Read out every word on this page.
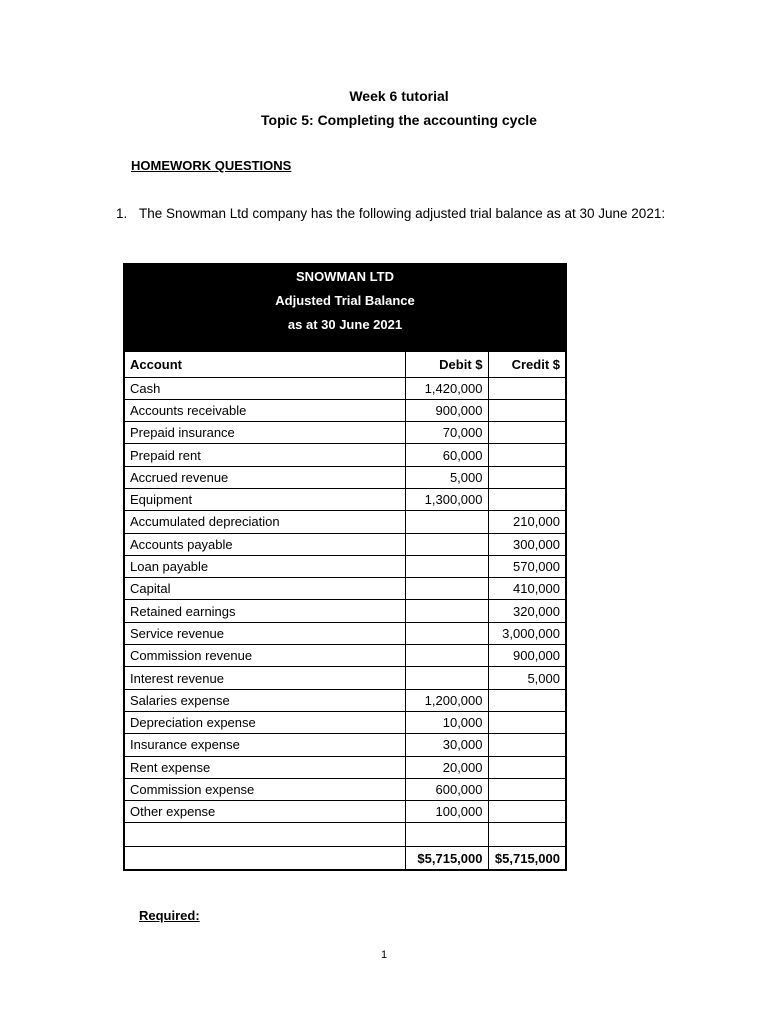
Week 6 tutorial
Topic 5: Completing the accounting cycle
HOMEWORK QUESTIONS
1. The Snowman Ltd company has the following adjusted trial balance as at 30 June 2021:
SNOWMAN LTD
Adjusted Trial Balance
as at 30 June 2021		

Account	Debit $	Credit $
Cash	1,420,000	
Accounts receivable	900,000	
Prepaid insurance	70,000	
Prepaid rent	60,000	
Accrued revenue	5,000	
Equipment	1,300,000	
Accumulated depreciation		210,000
Accounts payable		300,000
Loan payable		570,000
Capital		410,000
Retained earnings		320,000
Service revenue		3,000,000
Commission revenue		900,000
Interest revenue		5,000
Salaries expense	1,200,000	
Depreciation expense	10,000	
Insurance expense	30,000	
Rent expense	20,000	
Commission expense	600,000	
Other expense	100,000	

	$5,715,000	$5,715,000
Required:
1
